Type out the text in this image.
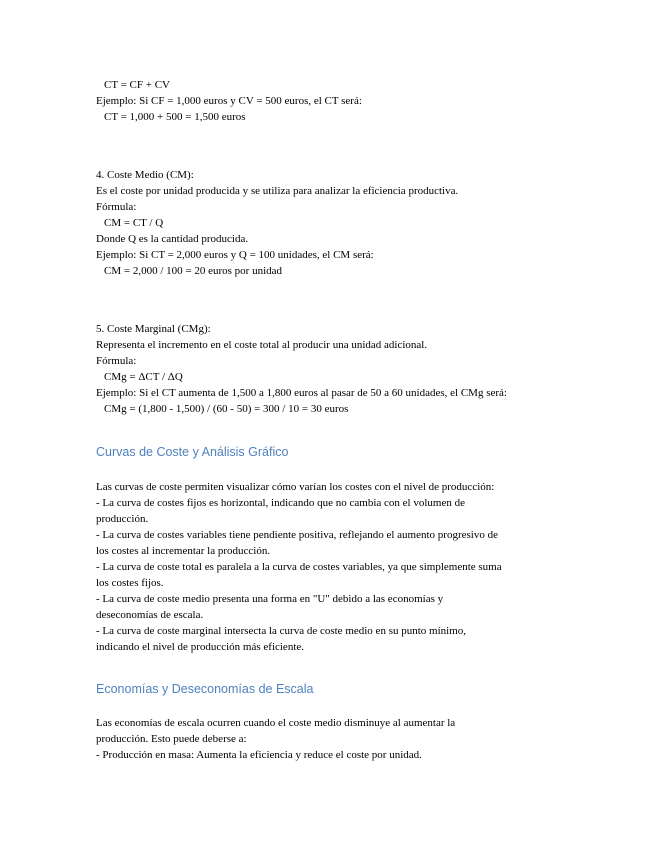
CT = CF + CV
Ejemplo: Si CF = 1,000 euros y CV = 500 euros, el CT será:
CT = 1,000 + 500 = 1,500 euros
4. Coste Medio (CM):
Es el coste por unidad producida y se utiliza para analizar la eficiencia productiva.
Fórmula:
CM = CT / Q
Donde Q es la cantidad producida.
Ejemplo: Si CT = 2,000 euros y Q = 100 unidades, el CM será:
CM = 2,000 / 100 = 20 euros por unidad
5. Coste Marginal (CMg):
Representa el incremento en el coste total al producir una unidad adicional.
Fórmula:
CMg = ΔCT / ΔQ
Ejemplo: Si el CT aumenta de 1,500 a 1,800 euros al pasar de 50 a 60 unidades, el CMg será:
CMg = (1,800 - 1,500) / (60 - 50) = 300 / 10 = 30 euros
Curvas de Coste y Análisis Gráfico
Las curvas de coste permiten visualizar cómo varían los costes con el nivel de producción:
- La curva de costes fijos es horizontal, indicando que no cambia con el volumen de
producción.
- La curva de costes variables tiene pendiente positiva, reflejando el aumento progresivo de
los costes al incrementar la producción.
- La curva de coste total es paralela a la curva de costes variables, ya que simplemente suma
los costes fijos.
- La curva de coste medio presenta una forma en "U" debido a las economías y
deseconomías de escala.
- La curva de coste marginal intersecta la curva de coste medio en su punto mínimo,
indicando el nivel de producción más eficiente.
Economías y Deseconomías de Escala
Las economías de escala ocurren cuando el coste medio disminuye al aumentar la
producción. Esto puede deberse a:
- Producción en masa: Aumenta la eficiencia y reduce el coste por unidad.
